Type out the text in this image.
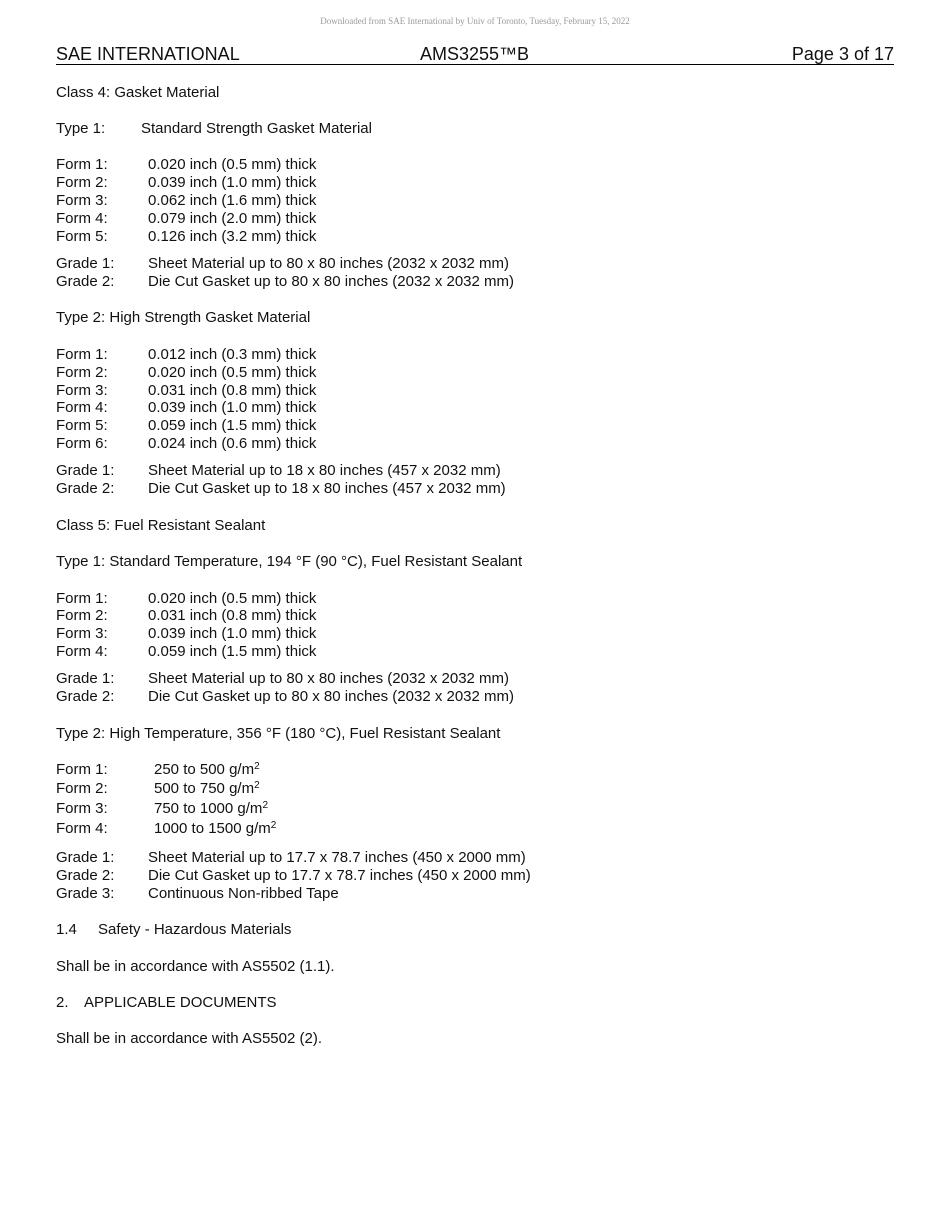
Downloaded from SAE International by Univ of Toronto, Tuesday, February 15, 2022
SAE INTERNATIONAL	AMS3255™B	Page 3 of 17
Class 4: Gasket Material
Type 1: Standard Strength Gasket Material
Form 1:	0.020 inch (0.5 mm) thick
Form 2:	0.039 inch (1.0 mm) thick
Form 3:	0.062 inch (1.6 mm) thick
Form 4:	0.079 inch (2.0 mm) thick
Form 5:	0.126 inch (3.2 mm) thick
Grade 1: Sheet Material up to 80 x 80 inches (2032 x 2032 mm)
Grade 2: Die Cut Gasket up to 80 x 80 inches (2032 x 2032 mm)
Type 2: High Strength Gasket Material
Form 1:	0.012 inch (0.3 mm) thick
Form 2:	0.020 inch (0.5 mm) thick
Form 3:	0.031 inch (0.8 mm) thick
Form 4:	0.039 inch (1.0 mm) thick
Form 5:	0.059 inch (1.5 mm) thick
Form 6:	0.024 inch (0.6 mm) thick
Grade 1: Sheet Material up to 18 x 80 inches (457 x 2032 mm)
Grade 2: Die Cut Gasket up to 18 x 80 inches (457 x 2032 mm)
Class 5: Fuel Resistant Sealant
Type 1: Standard Temperature, 194 °F (90 °C), Fuel Resistant Sealant
Form 1:	0.020 inch (0.5 mm) thick
Form 2:	0.031 inch (0.8 mm) thick
Form 3:	0.039 inch (1.0 mm) thick
Form 4:	0.059 inch (1.5 mm) thick
Grade 1: Sheet Material up to 80 x 80 inches (2032 x 2032 mm)
Grade 2: Die Cut Gasket up to 80 x 80 inches (2032 x 2032 mm)
Type 2: High Temperature, 356 °F (180 °C), Fuel Resistant Sealant
Form 1:	250 to 500 $g/m^2$
Form 2:	500 to 750 $g/m^2$
Form 3:	750 to 1000 $g/m^2$
Form 4:	1000 to 1500 $g/m^2$
Grade 1: Sheet Material up to 17.7 x 78.7 inches (450 x 2000 mm)
Grade 2: Die Cut Gasket up to 17.7 x 78.7 inches (450 x 2000 mm)
Grade 3: Continuous Non-ribbed Tape
1.4 Safety - Hazardous Materials
Shall be in accordance with AS5502 (1.1).
2. APPLICABLE DOCUMENTS
Shall be in accordance with AS5502 (2).
